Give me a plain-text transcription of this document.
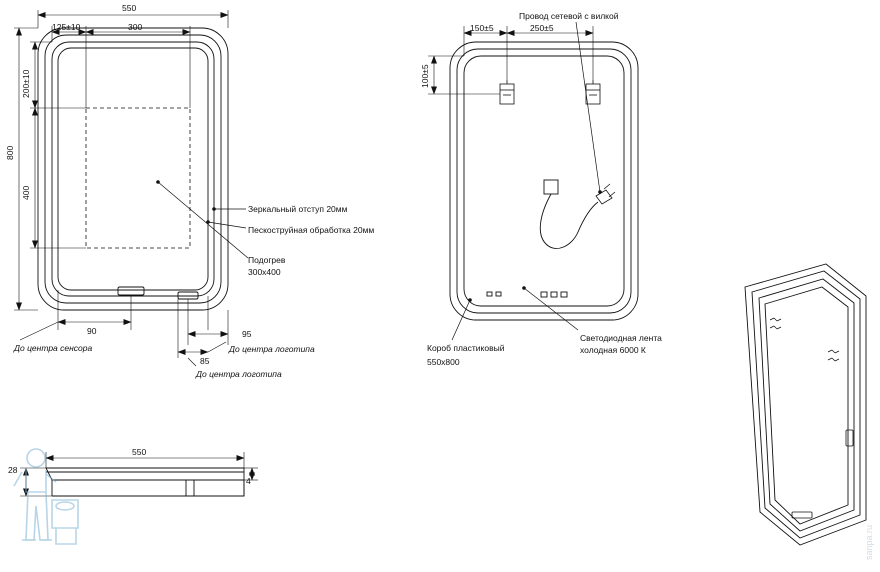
sanpa.ru
550
125±10	300
800
200±10
400
90	95
85
Зеркальный отступ 20мм
Пескоструйная обработка 20мм
Подогрев
300х400
До центра сенсора	До центра логотипа
До центра логотипа
150±5	250±5
100±5
Провод сетевой с вилкой
Короб пластиковый
550х800
Светодиодная лента
холодная 6000 К
550
28
4
